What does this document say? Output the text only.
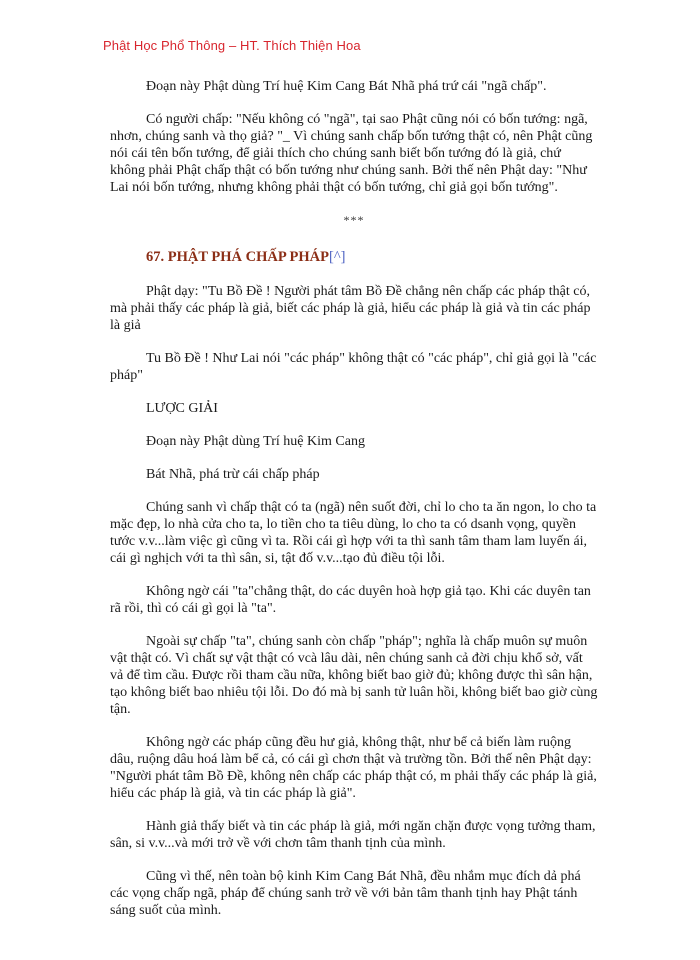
Phật Học Phổ Thông – HT. Thích Thiện Hoa

Đoạn này Phật dùng Trí huệ Kim Cang Bát Nhã phá trứ cái "ngã chấp".

Có người chấp: "Nếu không có "ngã", tại sao Phật cũng nói có bốn tướng: ngã, nhơn, chúng sanh và thọ giả? "_ Vì chúng sanh chấp bốn tướng thật có, nên Phật cũng nói cái tên bốn tướng, để giải thích cho chúng sanh biết bốn tướng đó là giả, chứ không phải Phật chấp thật có bốn tướng như chúng sanh. Bởi thế nên Phật day: "Như Lai nói bốn tướng, nhưng không phải thật có bốn tướng, chỉ giả gọi bốn tướng".

***
67. PHẬT PHÁ CHẤP PHÁP[^]

Phật dạy: "Tu Bồ Đề ! Người phát tâm Bồ Đề chẳng nên chấp các pháp thật có, mà phải thấy các pháp là giả, biết các pháp là giả, hiểu các pháp là giả và tin các pháp là giả

Tu Bồ Đề ! Như Lai nói "các pháp" không thật có "các pháp", chỉ giả gọi là "các pháp"

LƯỢC GIẢI

Đoạn này Phật dùng Trí huệ Kim Cang

Bát Nhã, phá trừ cái chấp pháp

Chúng sanh vì chấp thật có ta (ngã) nên suốt đời, chỉ lo cho ta ăn ngon, lo cho ta mặc đẹp, lo nhà cửa cho ta, lo tiền cho ta tiêu dùng, lo cho ta có dsanh vọng, quyền tước v.v...làm việc gì cũng vì ta. Rồi cái gì hợp với ta thì sanh tâm tham lam luyến ái, cái gì nghịch với ta thì sân, si, tật đố v.v...tạo đủ điều tội lỗi.

Không ngờ cái "ta"chẳng thật, do các duyên hoà hợp giả tạo. Khi các duyên tan rã rồi, thì có cái gì gọi là "ta".

Ngoài sự chấp "ta", chúng sanh còn chấp "pháp"; nghĩa là chấp muôn sự muôn vật thật có. Vì chất sự vật thật có vcà lâu dài, nên chúng sanh cả đời chịu khổ sở, vất vả để tìm cầu. Được rồi tham cầu nữa, không biết bao giờ đủ; không được thì sân hận, tạo không biết bao nhiêu tội lỗi. Do đó mà bị sanh tử luân hồi, không biết bao giờ cùng tận.

Không ngờ các pháp cũng đều hư giả, không thật, như bể cả biến làm ruộng dâu, ruộng dâu hoá làm bể cả, có cái gì chơn thật và trường tồn. Bởi thế nên Phật dạy: "Người phát tâm Bồ Đề, không nên chấp các pháp thật có, m phải thấy các pháp là giả, hiểu các pháp là giả, và tin các pháp là giả".

Hành giả thấy biết và tin các pháp là giả, mới ngăn chặn được vọng tưởng tham, sân, si v.v...và mới trở về với chơn tâm thanh tịnh của mình.

Cũng vì thế, nên toàn bộ kinh Kim Cang Bát Nhã, đều nhắm mục đích dả phá các vọng chấp ngã, pháp để chúng sanh trở về với bản tâm thanh tịnh hay Phật tánh sáng suốt của mình.
